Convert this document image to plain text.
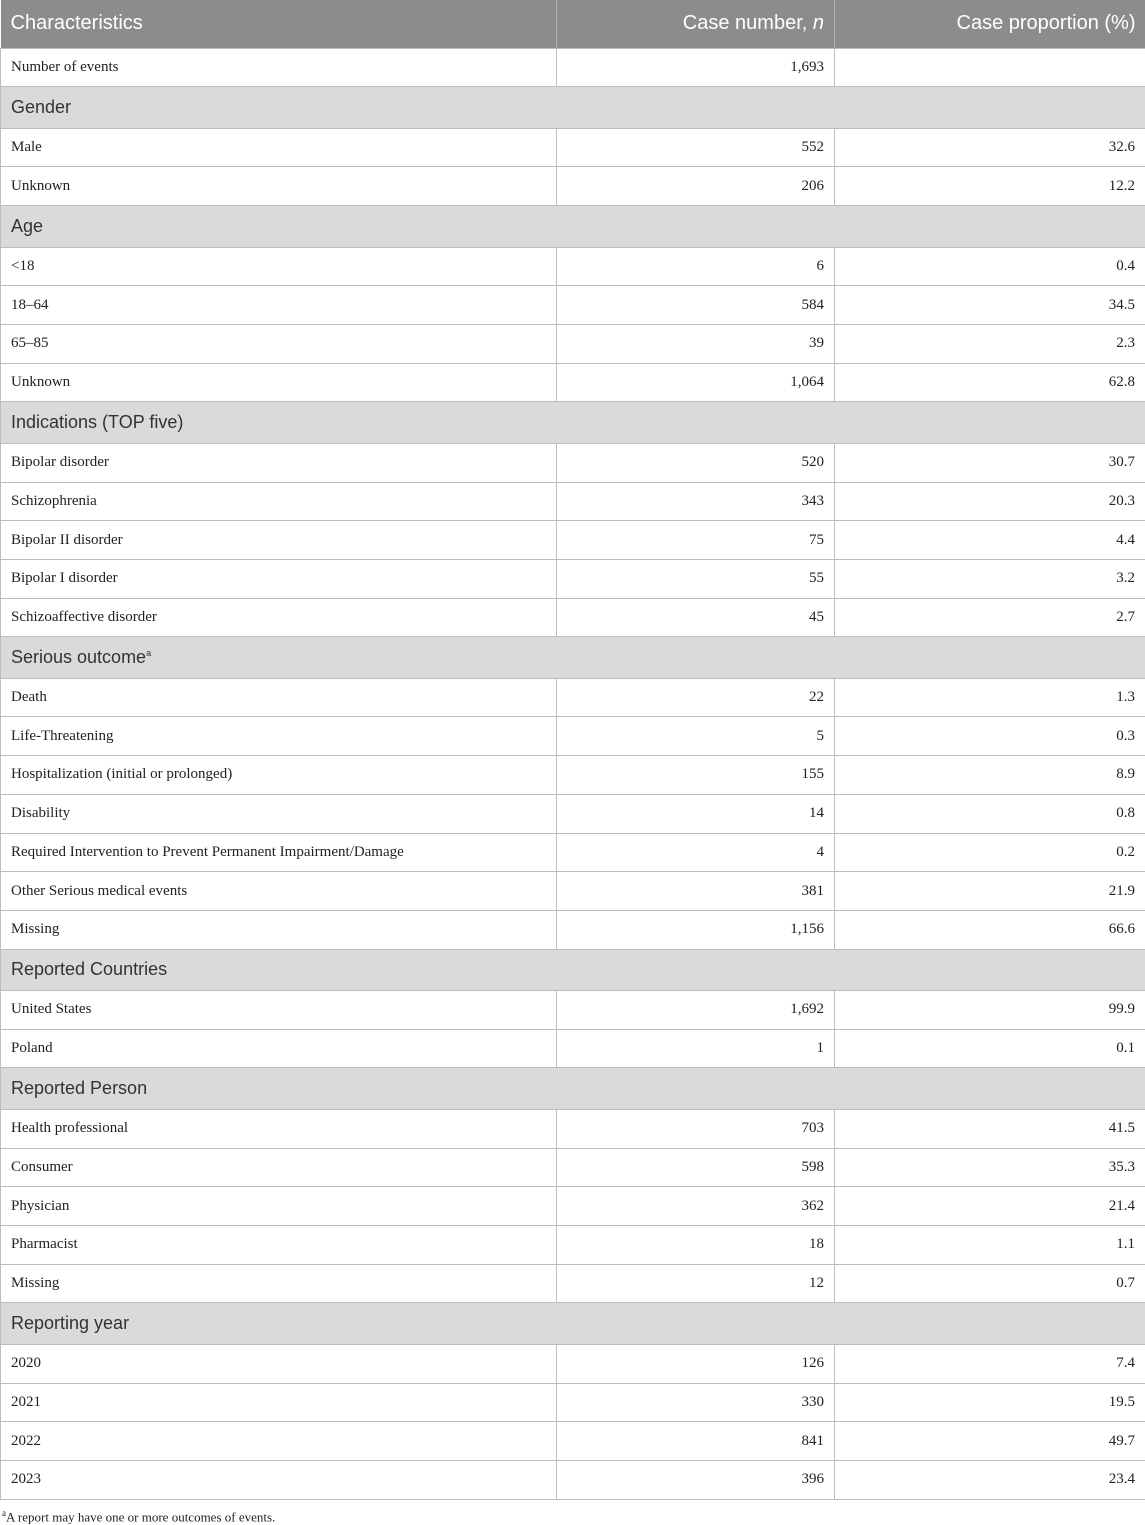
Characteristics	Case number, n	Case proportion (%)
Number of events	1,693	
Gender		
Male	552	32.6
Unknown	206	12.2
Age		
<18	6	0.4
18–64	584	34.5
65–85	39	2.3
Unknown	1,064	62.8
Indications (TOP five)		
Bipolar disorder	520	30.7
Schizophrenia	343	20.3
Bipolar II disorder	75	4.4
Bipolar I disorder	55	3.2
Schizoaffective disorder	45	2.7
Serious outcome$^a$
Death	22	1.3
Life-Threatening	5	0.3
Hospitalization (initial or prolonged)	155	8.9
Disability	14	0.8
Required Intervention to Prevent Permanent Impairment/Damage	4	0.2
Other Serious medical events	381	21.9
Missing	1,156	66.6
Reported Countries		
United States	1,692	99.9
Poland	1	0.1
Reported Person		
Health professional	703	41.5
Consumer	598	35.3
Physician	362	21.4
Pharmacist	18	1.1
Missing	12	0.7
Reporting year		
2020	126	7.4
2021	330	19.5
2022	841	49.7
2023	396	23.4
$^a$A report may have one or more outcomes of events.
